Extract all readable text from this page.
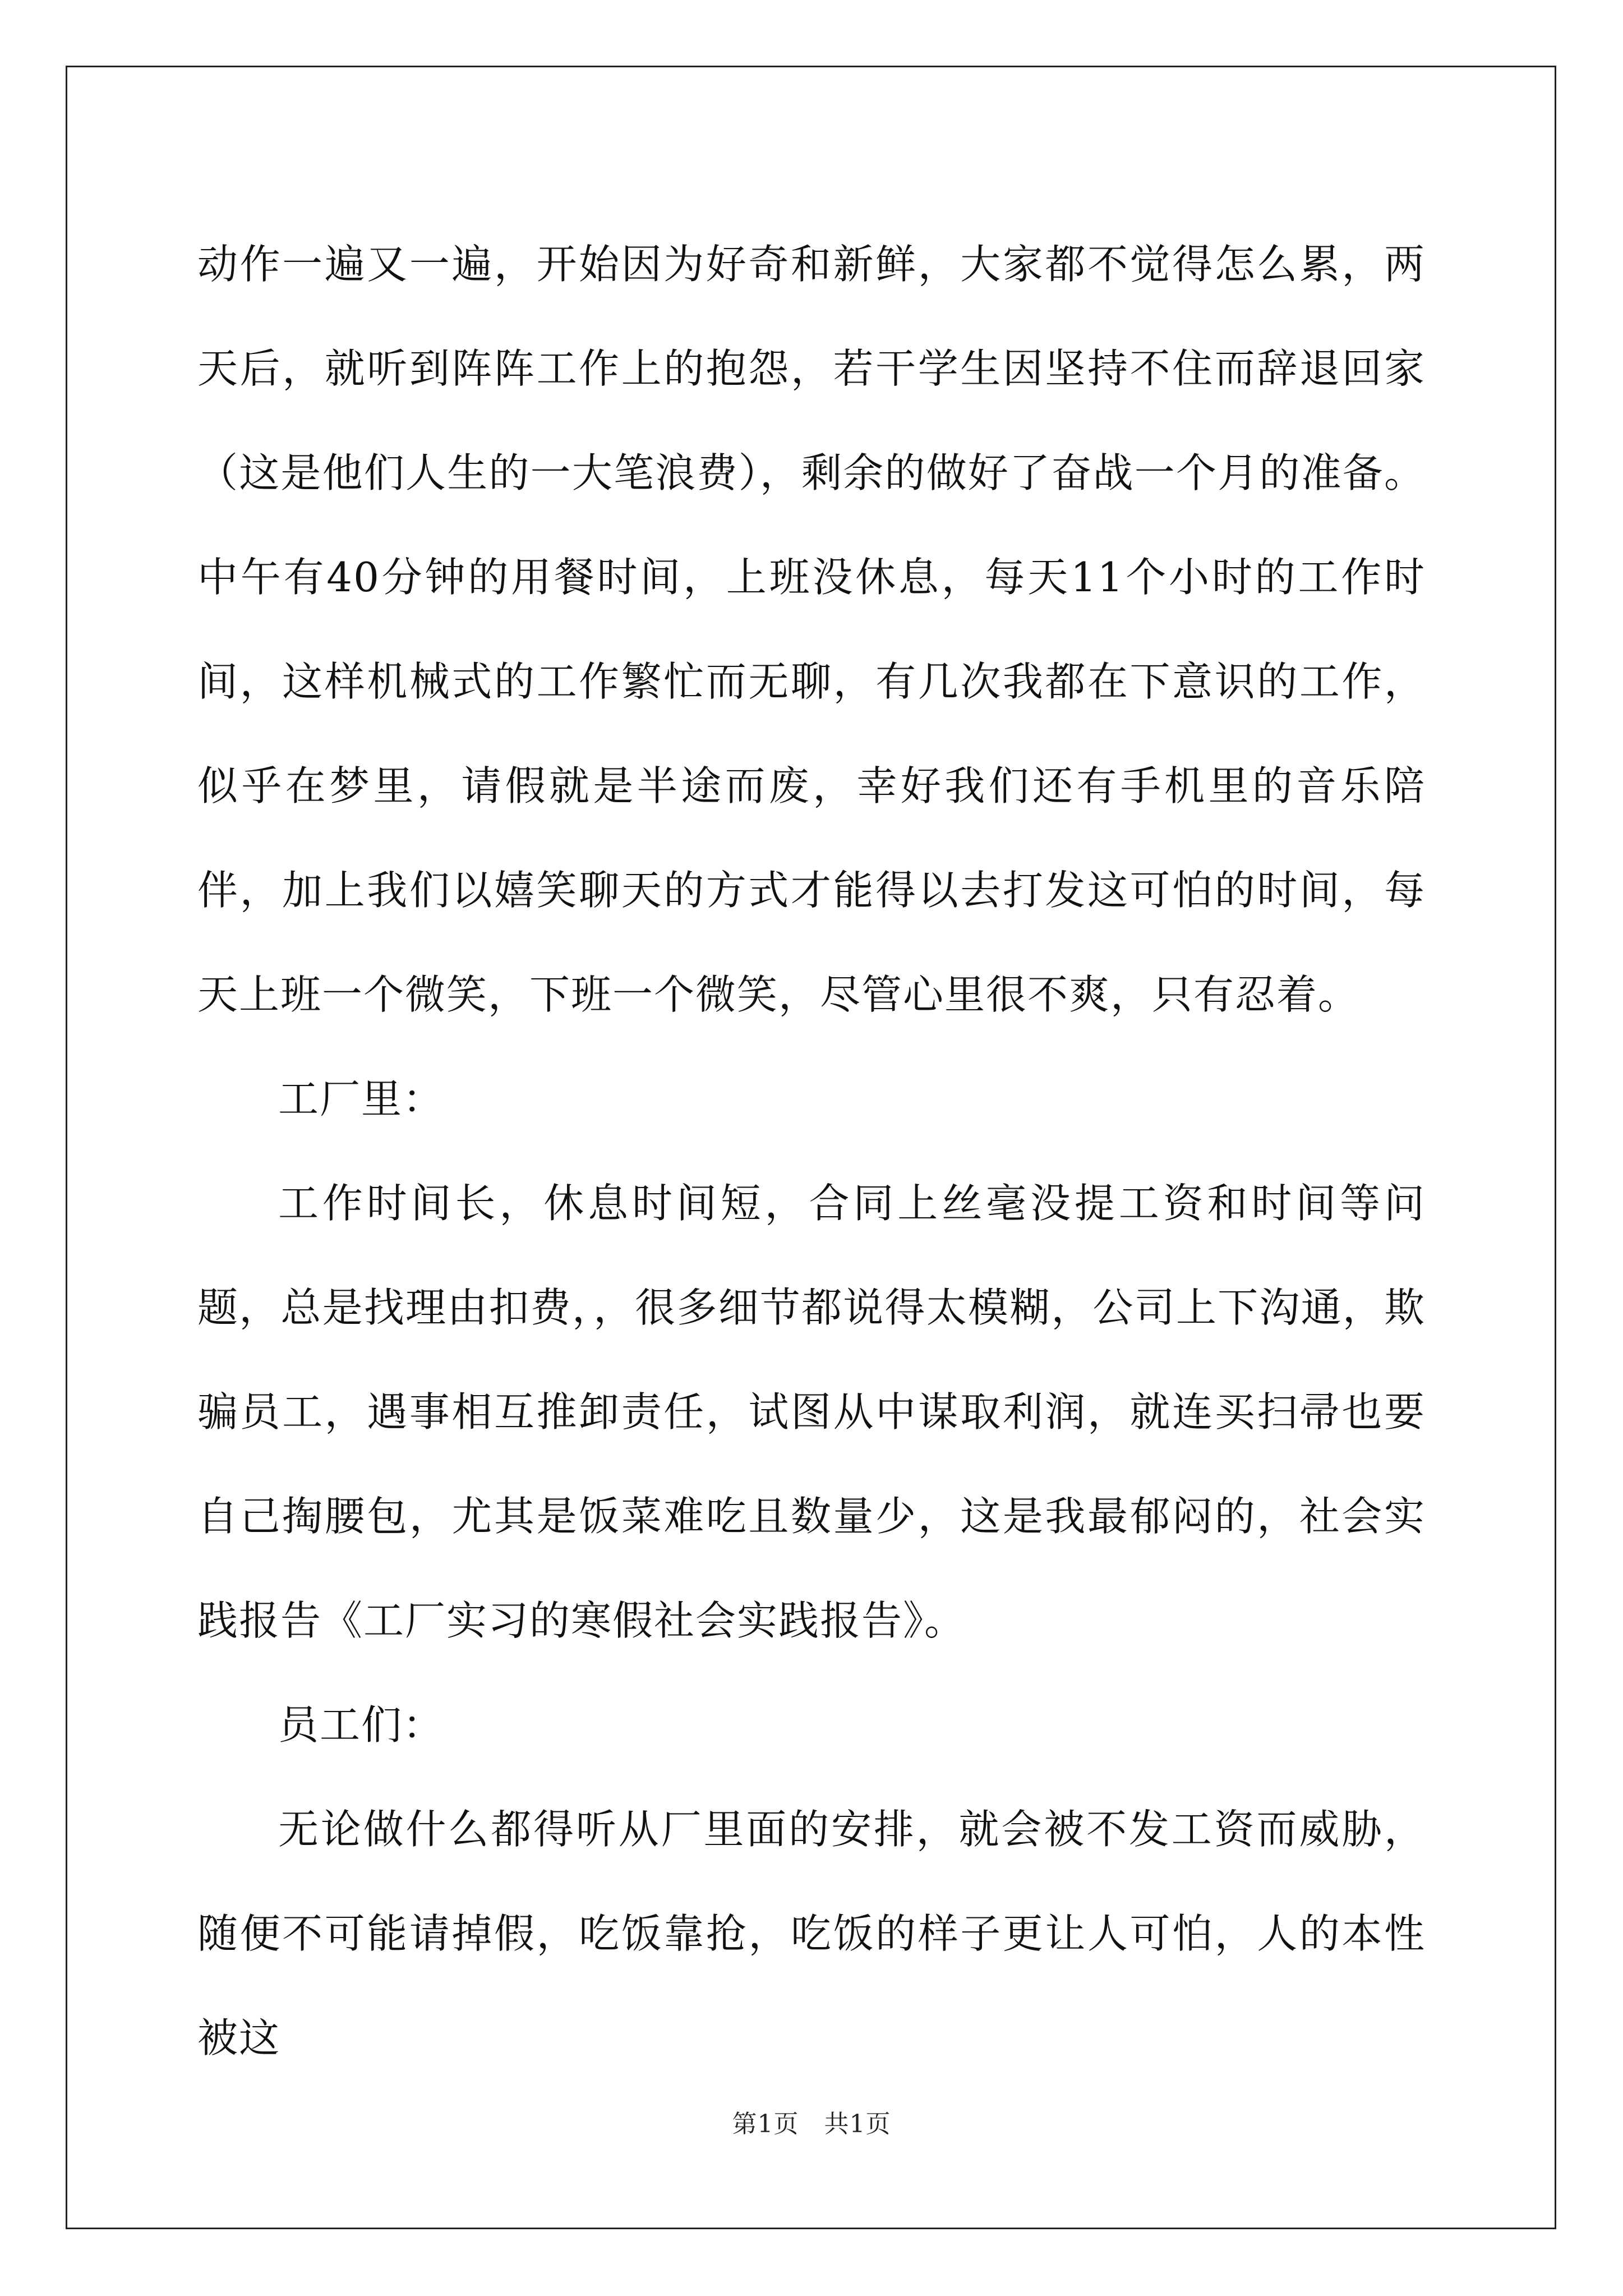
动作一遍又一遍，开始因为好奇和新鲜，大家都不觉得怎么累，两天后，就听到阵阵工作上的抱怨，若干学生因坚持不住而辞退回家（这是他们人生的一大笔浪费），剩余的做好了奋战一个月的准备。中午有40分钟的用餐时间，上班没休息，每天11个小时的工作时间，这样机械式的工作繁忙而无聊，有几次我都在下意识的工作，似乎在梦里，请假就是半途而废，幸好我们还有手机里的音乐陪伴，加上我们以嬉笑聊天的方式才能得以去打发这可怕的时间，每天上班一个微笑，下班一个微笑，尽管心里很不爽，只有忍着。

工厂里：

工作时间长，休息时间短，合同上丝毫没提工资和时间等问题，总是找理由扣费，，很多细节都说得太模糊，公司上下沟通，欺骗员工，遇事相互推卸责任，试图从中谋取利润，就连买扫帚也要自己掏腰包，尤其是饭菜难吃且数量少，这是我最郁闷的，社会实践报告《工厂实习的寒假社会实践报告》。

员工们：

无论做什么都得听从厂里面的安排，就会被不发工资而威胁，随便不可能请掉假，吃饭靠抢，吃饭的样子更让人可怕，人的本性被这

第1页　共1页
